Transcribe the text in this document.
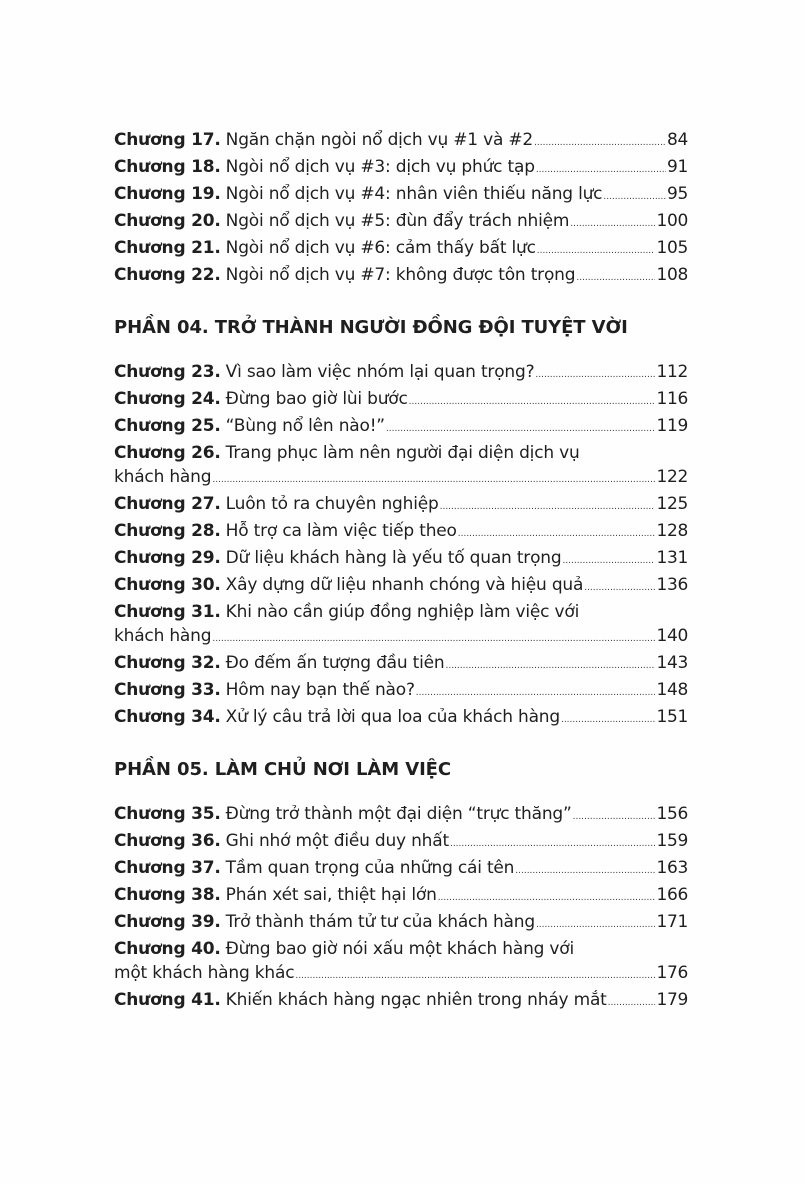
Chương 17. Ngăn chặn ngòi nổ dịch vụ #1 và #2 .....	84
Chương 18. Ngòi nổ dịch vụ #3: dịch vụ phức tạp .....	91
Chương 19. Ngòi nổ dịch vụ #4: nhân viên thiếu năng lực .....	95
Chương 20. Ngòi nổ dịch vụ #5: đùn đẩy trách nhiệm .....	100
Chương 21. Ngòi nổ dịch vụ #6: cảm thấy bất lực .....	105
Chương 22. Ngòi nổ dịch vụ #7: không được tôn trọng .....	108
PHẦN 04. TRỞ THÀNH NGƯỜI ĐỒNG ĐỘI TUYỆT VỜI
Chương 23. Vì sao làm việc nhóm lại quan trọng? .....	112
Chương 24. Đừng bao giờ lùi bước .....	116
Chương 25. “Bùng nổ lên nào!” .....	119
Chương 26. Trang phục làm nên người đại diện dịch vụ
khách hàng .....	122
Chương 27. Luôn tỏ ra chuyên nghiệp .....	125
Chương 28. Hỗ trợ ca làm việc tiếp theo .....	128
Chương 29. Dữ liệu khách hàng là yếu tố quan trọng .....	131
Chương 30. Xây dựng dữ liệu nhanh chóng và hiệu quả .....	136
Chương 31. Khi nào cần giúp đồng nghiệp làm việc với
khách hàng .....	140
Chương 32. Đo đếm ấn tượng đầu tiên .....	143
Chương 33. Hôm nay bạn thế nào? .....	148
Chương 34. Xử lý câu trả lời qua loa của khách hàng .....	151
PHẦN 05. LÀM CHỦ NƠI LÀM VIỆC
Chương 35. Đừng trở thành một đại diện “trực thăng” .....	156
Chương 36. Ghi nhớ một điều duy nhất .....	159
Chương 37. Tầm quan trọng của những cái tên .....	163
Chương 38. Phán xét sai, thiệt hại lớn .....	166
Chương 39. Trở thành thám tử tư của khách hàng .....	171
Chương 40. Đừng bao giờ nói xấu một khách hàng với
một khách hàng khác .....	176
Chương 41. Khiến khách hàng ngạc nhiên trong nháy mắt .....	179
